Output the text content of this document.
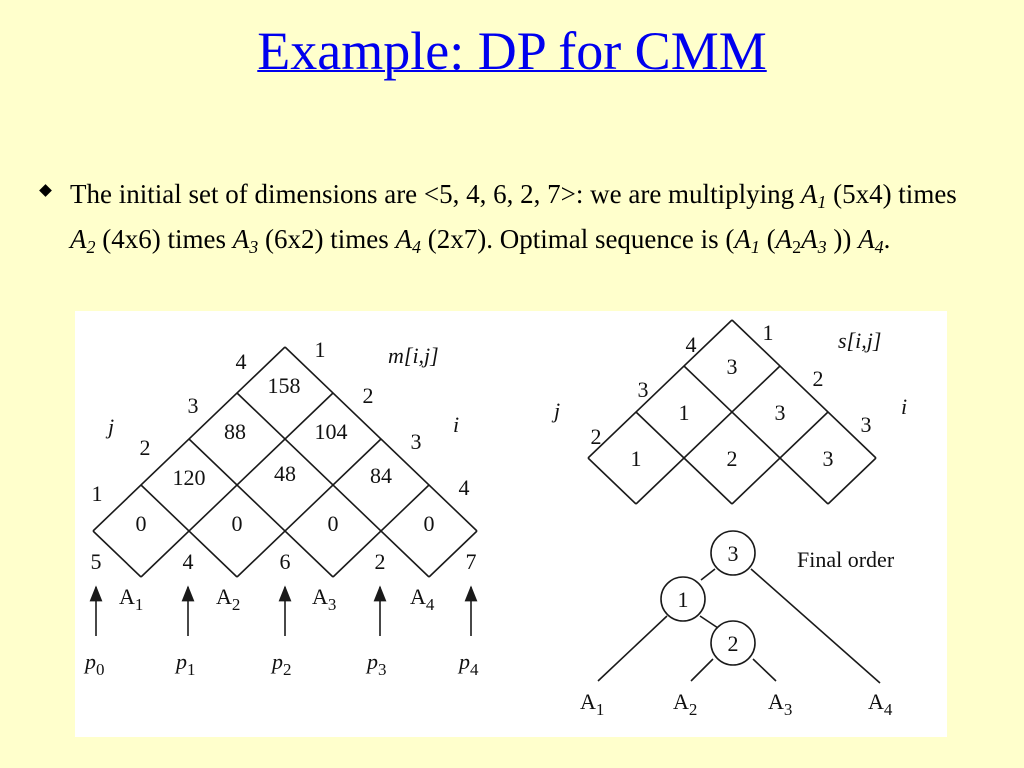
Example: DP for CMM
The initial set of dimensions are <5, 4, 6, 2, 7>: we are multiplying $A_1$ (5x4) times $A_2$ (4x6) times $A_3$ (6x2) times $A_4$ (2x7). Optimal sequence is ($A_1$ ($A_2A_3$ )) $A_4$.
0	0	0	0
120	48	84
88	104
158
1
2
3
4	1
2
3
4
m[i,j]
j	i
5	4	6	2	7
$A_1$	$A_2$	$A_3$	$A_4$
$p_0$	$p_1$	$p_2$	$p_3$	$p_4$
1	2	3
1	3
3
2
3
4	1
2
3
s[i,j]
j	i
3
1
2
Final order
$A_1$	$A_2$	$A_3$	$A_4$
